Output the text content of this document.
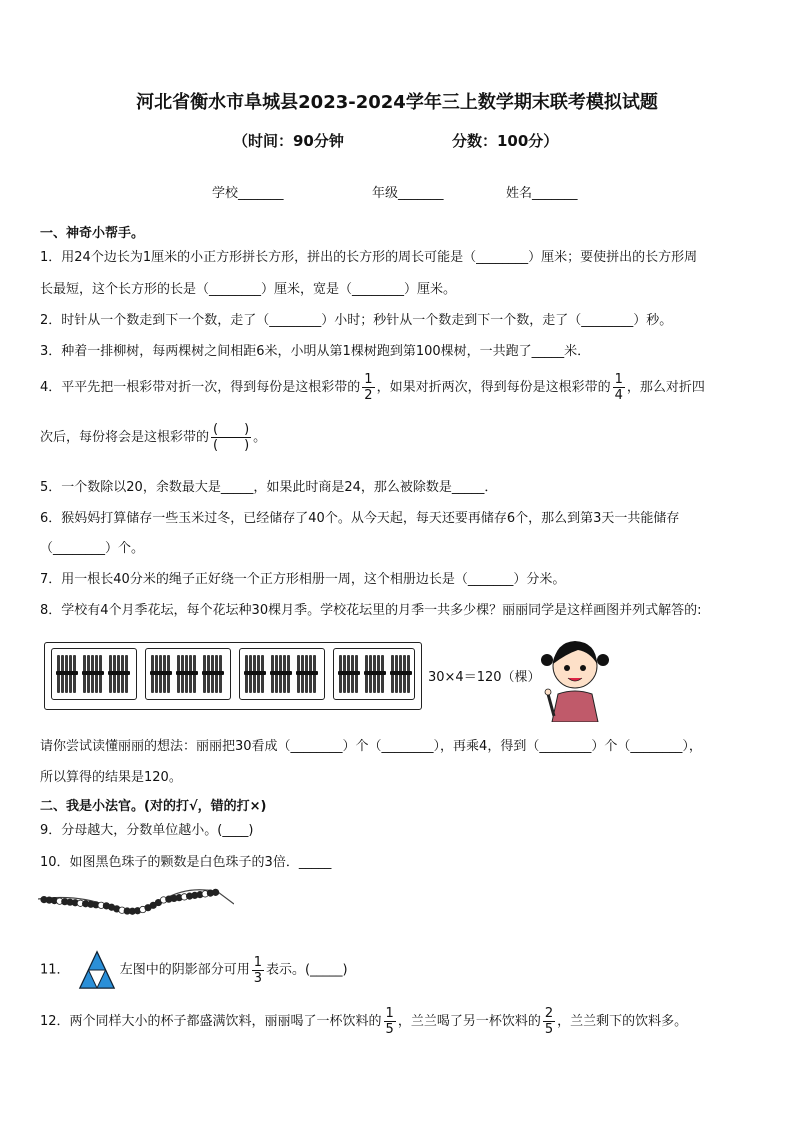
河北省衡水市阜城县2023-2024学年三上数学期末联考模拟试题
（时间：90分钟	分数：100分）
学校_______	年级_______	姓名_______
一、神奇小帮手。
1．用24个边长为1厘米的小正方形拼长方形，拼出的长方形的周长可能是（________）厘米；要使拼出的长方形周
长最短，这个长方形的长是（________）厘米，宽是（________）厘米。
2．时针从一个数走到下一个数，走了（________）小时；秒针从一个数走到下一个数，走了（________）秒。
3．种着一排柳树，每两棵树之间相距6米，小明从第1棵树跑到第100棵树，一共跑了_____米．
4．平平先把一根彩带对折一次，得到每份是这根彩带的 $\frac{1}{2}$ ，如果对折两次，得到每份是这根彩带的 $\frac{1}{4}$ ，那么对折四
次后，每份将会是这根彩带的 $\frac{( )}{( )}$ 。
5．一个数除以20，余数最大是_____，如果此时商是24，那么被除数是_____．
6．猴妈妈打算储存一些玉米过冬，已经储存了40个。从今天起，每天还要再储存6个，那么到第3天一共能储存
（________）个。
7．用一根长40分米的绳子正好绕一个正方形相册一周，这个相册边长是（_______）分米。
8．学校有4个月季花坛，每个花坛种30棵月季。学校花坛里的月季一共多少棵？丽丽同学是这样画图并列式解答的:
30×4＝120（棵）
请你尝试读懂丽丽的想法：丽丽把30看成（________）个（________），再乘4，得到（________）个（________），
所以算得的结果是120。
二、我是小法官。(对的打√，错的打×)
9．分母越大，分数单位越小。(____)
10．如图黑色珠子的颗数是白色珠子的3倍．_____
11．	左图中的阴影部分可用 $\frac{1}{3}$ 表示。(_____)
12．两个同样大小的杯子都盛满饮料，丽丽喝了一杯饮料的 $\frac{1}{5}$ ，兰兰喝了另一杯饮料的 $\frac{2}{5}$ ，兰兰剩下的饮料多。
